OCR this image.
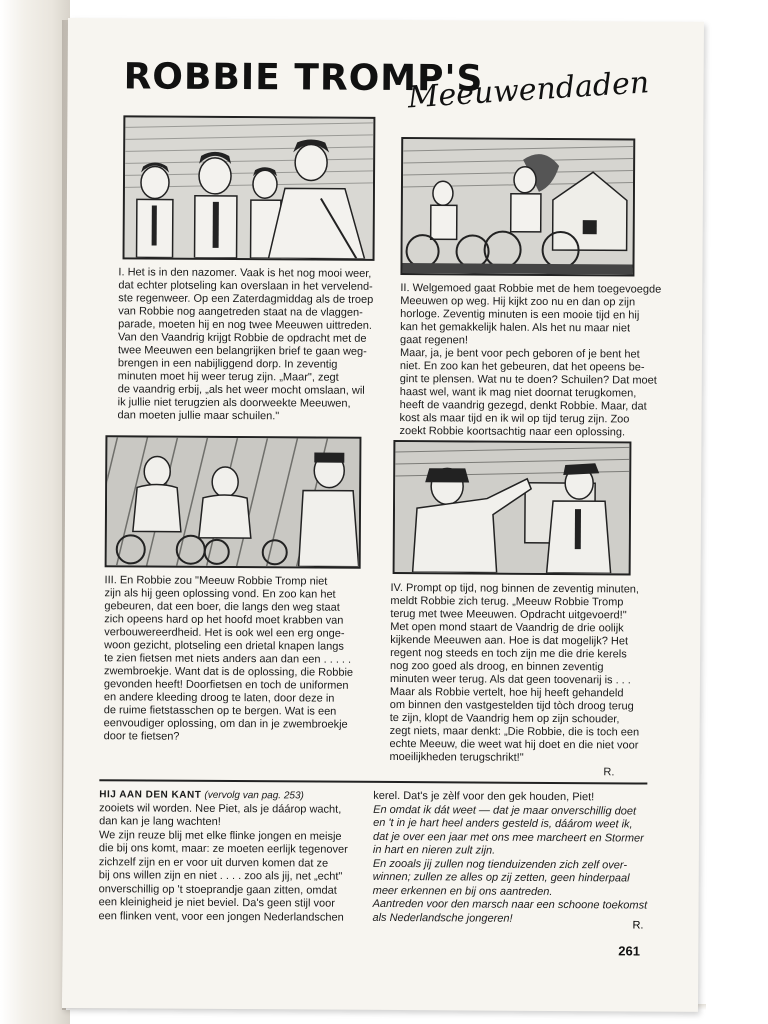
ROBBIE TROMP'S
Meeuwendaden

I. Het is in den nazomer. Vaak is het nog mooi weer,
dat echter plotseling kan overslaan in het vervelend-
ste regenweer. Op een Zaterdagmiddag als de troep
van Robbie nog aangetreden staat na de vlaggen-
parade, moeten hij en nog twee Meeuwen uittreden.
Van den Vaandrig krijgt Robbie de opdracht met de
twee Meeuwen een belangrijken brief te gaan weg-
brengen in een nabijliggend dorp. In zeventig
minuten moet hij weer terug zijn. „Maar", zegt
de vaandrig erbij, „als het weer mocht omslaan, wil
ik jullie niet terugzien als doorweekte Meeuwen,
dan moeten jullie maar schuilen."

II. Welgemoed gaat Robbie met de hem toegevoegde
Meeuwen op weg. Hij kijkt zoo nu en dan op zijn
horloge. Zeventig minuten is een mooie tijd en hij
kan het gemakkelijk halen. Als het nu maar niet
gaat regenen!
Maar, ja, je bent voor pech geboren of je bent het
niet. En zoo kan het gebeuren, dat het opeens be-
gint te plensen. Wat nu te doen? Schuilen? Dat moet
haast wel, want ik mag niet doornat terugkomen,
heeft de vaandrig gezegd, denkt Robbie. Maar, dat
kost als maar tijd en ik wil op tijd terug zijn. Zoo
zoekt Robbie koortsachtig naar een oplossing.

III. En Robbie zou "Meeuw Robbie Tromp niet
zijn als hij geen oplossing vond. En zoo kan het
gebeuren, dat een boer, die langs den weg staat
zich opeens hard op het hoofd moet krabben van
verbouwereerdheid. Het is ook wel een erg onge-
woon gezicht, plotseling een drietal knapen langs
te zien fietsen met niets anders aan dan een . . . . .
zwembroekje. Want dat is de oplossing, die Robbie
gevonden heeft! Doorfietsen en toch de uniformen
en andere kleeding droog te laten, door deze in
de ruime fietstasschen op te bergen. Wat is een
eenvoudiger oplossing, om dan in je zwembroekje
door te fietsen?

IV. Prompt op tijd, nog binnen de zeventig minuten,
meldt Robbie zich terug. „Meeuw Robbie Tromp
terug met twee Meeuwen. Opdracht uitgevoerd!"
Met open mond staart de Vaandrig de drie oolijk
kijkende Meeuwen aan. Hoe is dat mogelijk? Het
regent nog steeds en toch zijn me die drie kerels
nog zoo goed als droog, en binnen zeventig
minuten weer terug. Als dat geen toovenarij is . . .
Maar als Robbie vertelt, hoe hij heeft gehandeld
om binnen den vastgestelden tijd tòch droog terug
te zijn, klopt de Vaandrig hem op zijn schouder,
zegt niets, maar denkt: „Die Robbie, die is toch een
echte Meeuw, die weet wat hij doet en die niet voor
moeilijkheden terugschrikt!"

R.
HIJ AAN DEN KANT (vervolg van pag. 253)
zooiets wil worden. Nee Piet, als je dáárop wacht,
dan kan je lang wachten!
We zijn reuze blij met elke flinke jongen en meisje
die bij ons komt, maar: ze moeten eerlijk tegenover
zichzelf zijn en er voor uit durven komen dat ze
bij ons willen zijn en niet . . . . zoo als jij, net „echt"
onverschillig op 't stoeprandje gaan zitten, omdat
een kleinigheid je niet beviel. Da's geen stijl voor
een flinken vent, voor een jongen Nederlandschen
kerel. Dat's je zèlf voor den gek houden, Piet!
En omdat ik dát weet — dat je maar onverschillig doet
en 't in je hart heel anders gesteld is, dáárom weet ik,
dat je over een jaar met ons mee marcheert en Stormer
in hart en nieren zult zijn.
En zooals jij zullen nog tienduizenden zich zelf over-
winnen; zullen ze alles op zij zetten, geen hinderpaal
meer erkennen en bij ons aantreden.
Aantreden voor den marsch naar een schoone toekomst
als Nederlandsche jongeren!
R.
261
